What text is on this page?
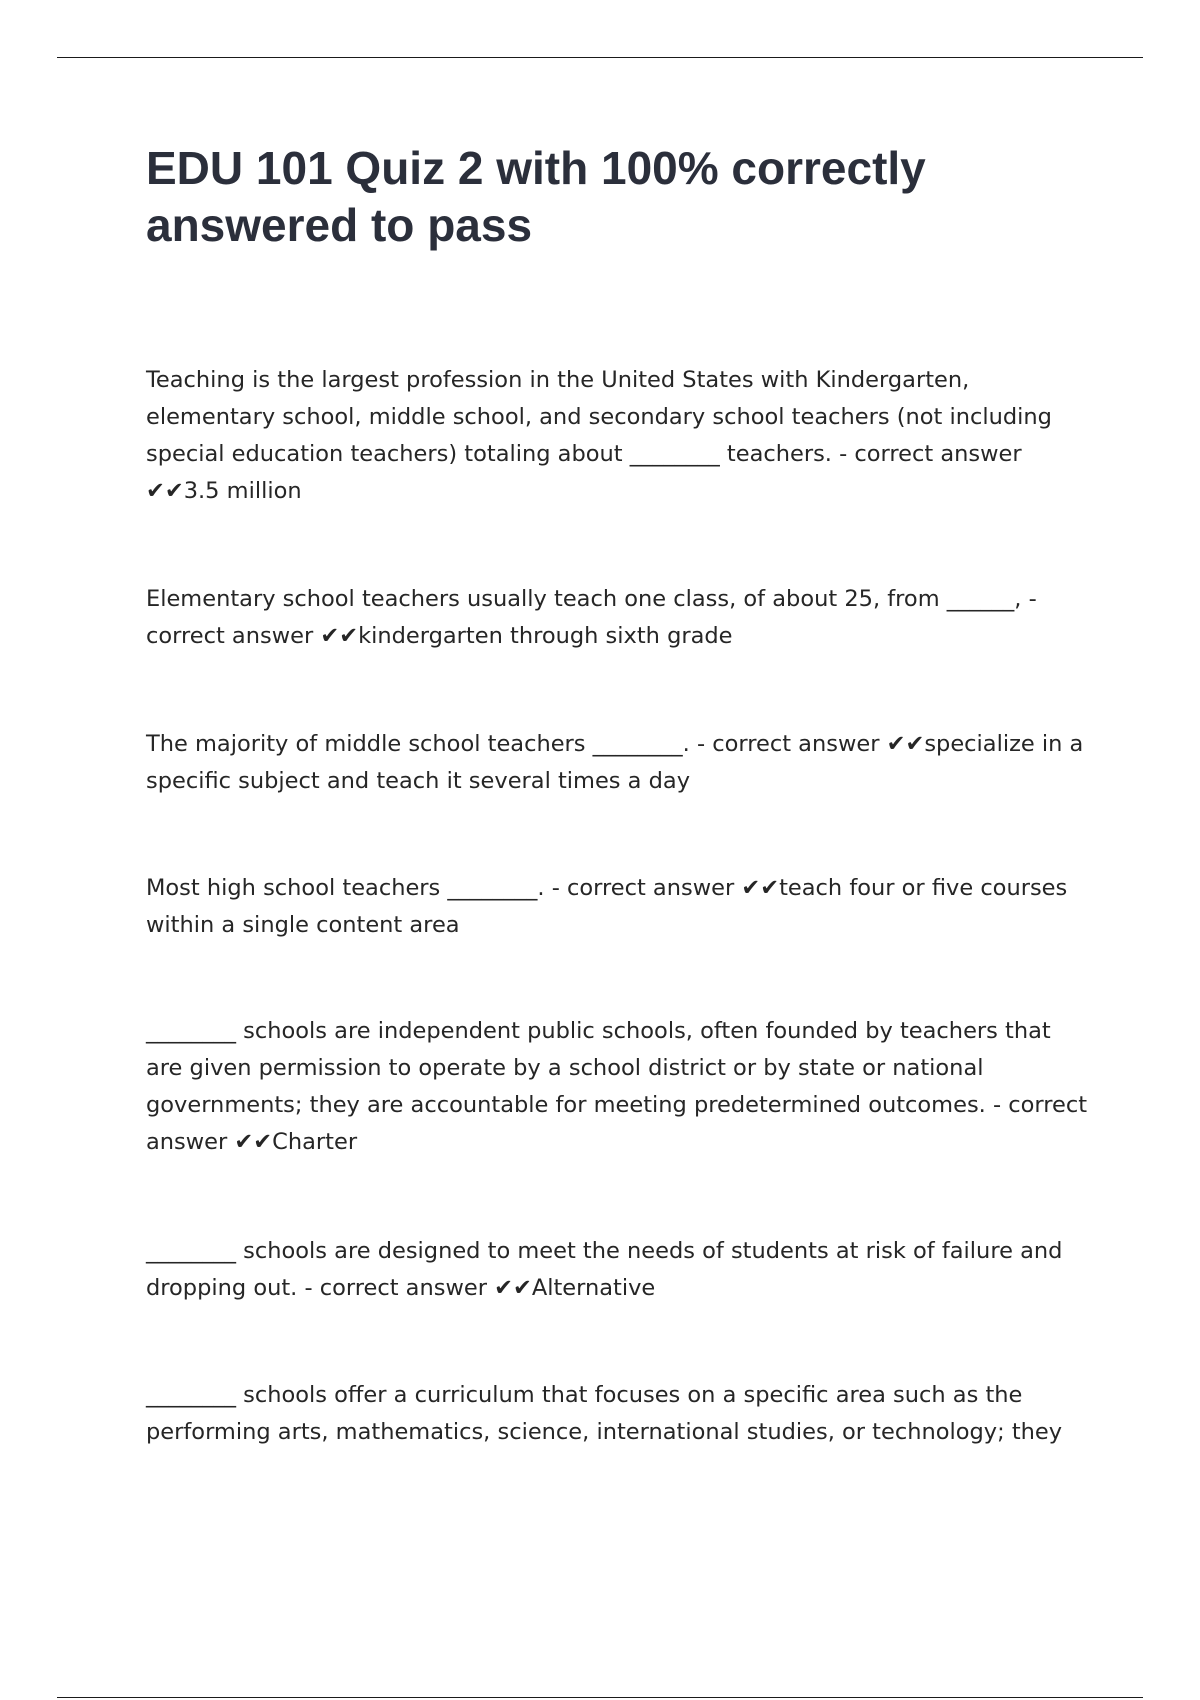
EDU 101 Quiz 2 with 100% correctly answered to pass

Teaching is the largest profession in the United States with Kindergarten, elementary school, middle school, and secondary school teachers (not including special education teachers) totaling about ________ teachers. - correct answer ✔✔3.5 million

Elementary school teachers usually teach one class, of about 25, from ______, - correct answer ✔✔kindergarten through sixth grade

The majority of middle school teachers ________. - correct answer ✔✔specialize in a specific subject and teach it several times a day

Most high school teachers ________. - correct answer ✔✔teach four or five courses within a single content area

________ schools are independent public schools, often founded by teachers that are given permission to operate by a school district or by state or national governments; they are accountable for meeting predetermined outcomes. - correct answer ✔✔Charter

________ schools are designed to meet the needs of students at risk of failure and dropping out. - correct answer ✔✔Alternative

________ schools offer a curriculum that focuses on a specific area such as the performing arts, mathematics, science, international studies, or technology; they
